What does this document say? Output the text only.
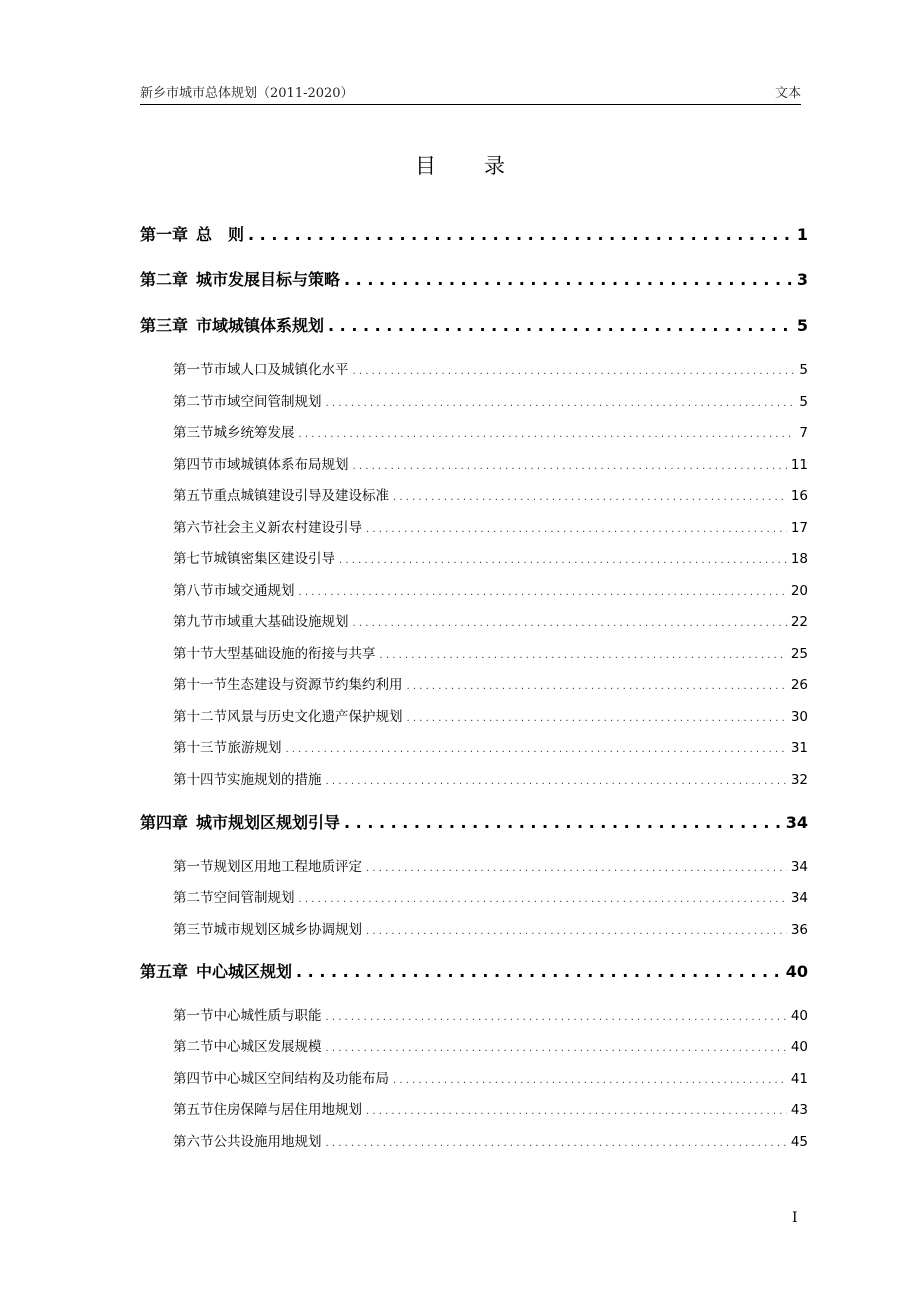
新乡市城市总体规划（2011-2020）	文本
目录
第一章 总　则 . . .	1
第二章 城市发展目标与策略 . . .	3
第三章 市域城镇体系规划 . . .	5
第一节 市域人口及城镇化水平 . . .	5
第二节 市域空间管制规划 . . .	5
第三节 城乡统筹发展 . . .	7
第四节 市域城镇体系布局规划 . . .	11
第五节 重点城镇建设引导及建设标准 . . .	16
第六节 社会主义新农村建设引导 . . .	17
第七节 城镇密集区建设引导 . . .	18
第八节 市域交通规划 . . .	20
第九节 市域重大基础设施规划 . . .	22
第十节 大型基础设施的衔接与共享 . . .	25
第十一节 生态建设与资源节约集约利用 . . .	26
第十二节 风景与历史文化遗产保护规划 . . .	30
第十三节 旅游规划 . . .	31
第十四节 实施规划的措施 . . .	32
第四章 城市规划区规划引导 . . .	34
第一节 规划区用地工程地质评定 . . .	34
第二节 空间管制规划 . . .	34
第三节 城市规划区城乡协调规划 . . .	36
第五章 中心城区规划 . . .	40
第一节 中心城性质与职能 . . .	40
第二节 中心城区发展规模 . . .	40
第四节 中心城区空间结构及功能布局 . . .	41
第五节 住房保障与居住用地规划 . . .	43
第六节 公共设施用地规划 . . .	45
I
